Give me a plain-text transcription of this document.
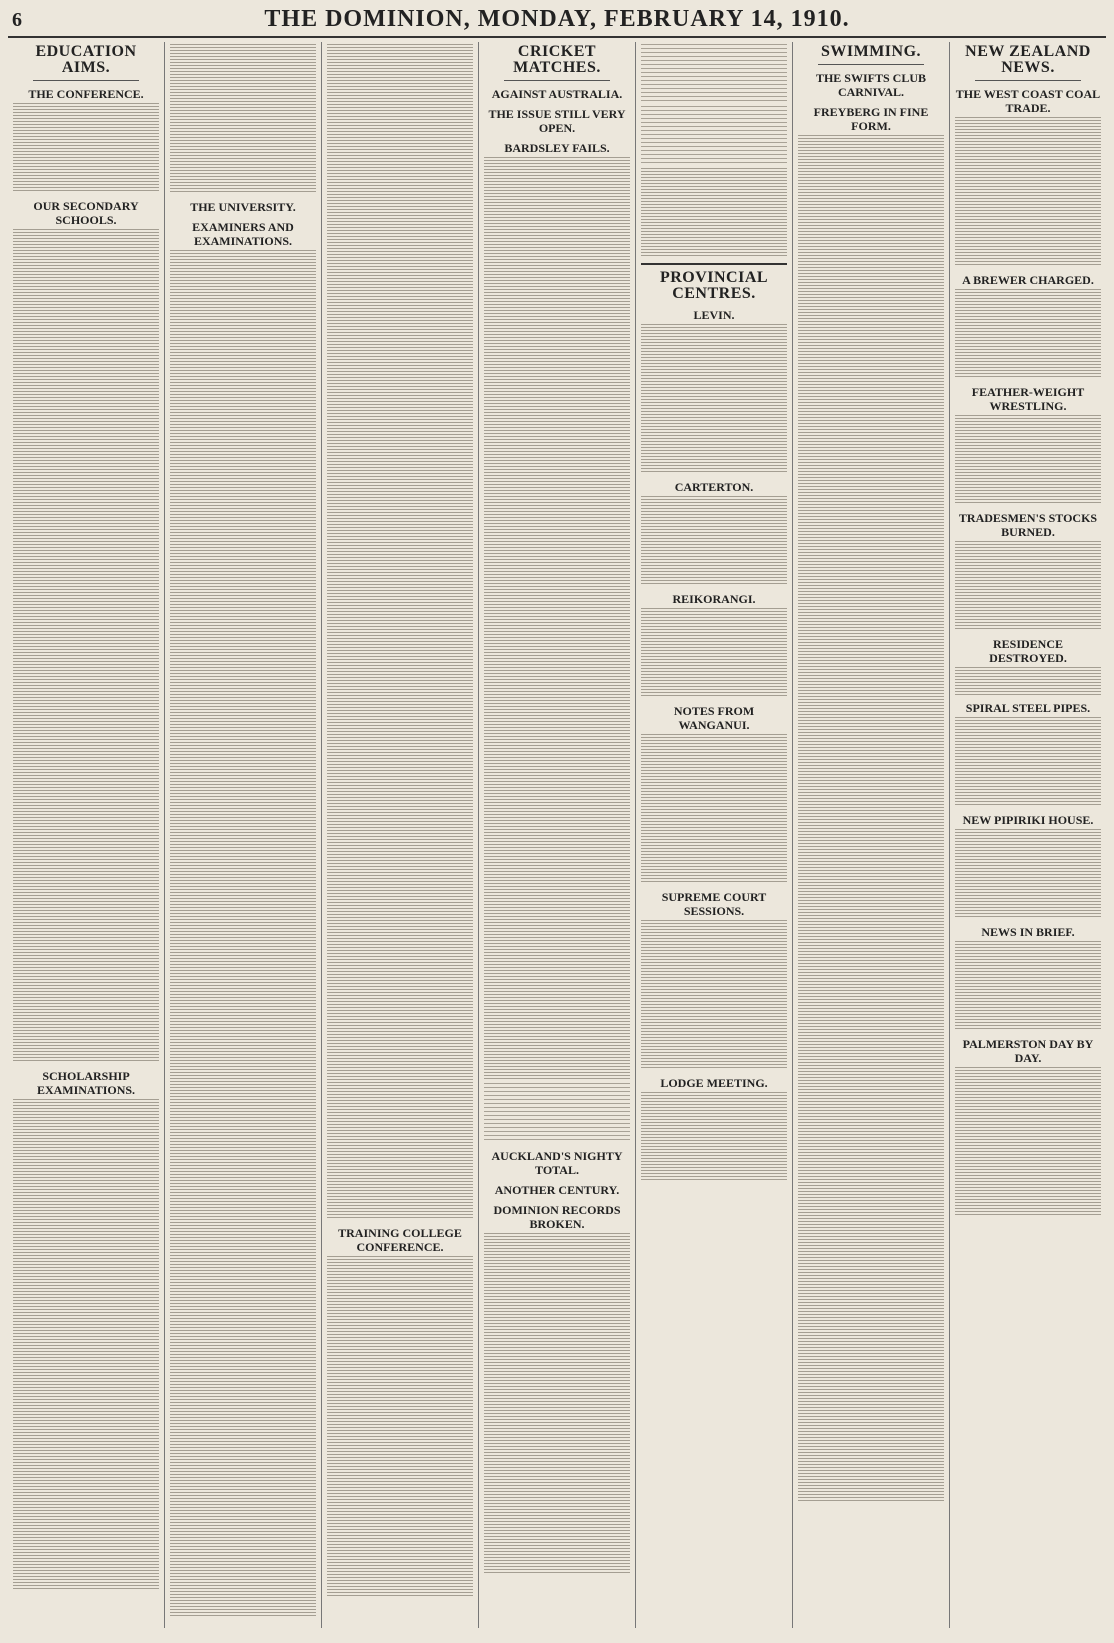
6	THE DOMINION, MONDAY, FEBRUARY 14, 1910.
EDUCATION AIMS.
THE CONFERENCE.
OUR SECONDARY SCHOOLS.
SCHOLARSHIP EXAMINATIONS.
THE UNIVERSITY.
EXAMINERS AND EXAMINATIONS.
TRAINING COLLEGE CONFERENCE.
CRICKET MATCHES.
AGAINST AUSTRALIA.
THE ISSUE STILL VERY OPEN.
BARDSLEY FAILS.
AUCKLAND'S NIGHTY TOTAL.
ANOTHER CENTURY.
DOMINION RECORDS BROKEN.
PROVINCIAL CENTRES.
LEVIN.
CARTERTON.
REIKORANGI.
NOTES FROM WANGANUI.
SUPREME COURT SESSIONS.
LODGE MEETING.
SWIMMING.
THE SWIFTS CLUB CARNIVAL.
FREYBERG IN FINE FORM.
NEW ZEALAND NEWS.
THE WEST COAST COAL TRADE.
A BREWER CHARGED.
FEATHER-WEIGHT WRESTLING.
TRADESMEN'S STOCKS BURNED.
RESIDENCE DESTROYED.
SPIRAL STEEL PIPES.
NEW PIPIRIKI HOUSE.
NEWS IN BRIEF.
PALMERSTON DAY BY DAY.
